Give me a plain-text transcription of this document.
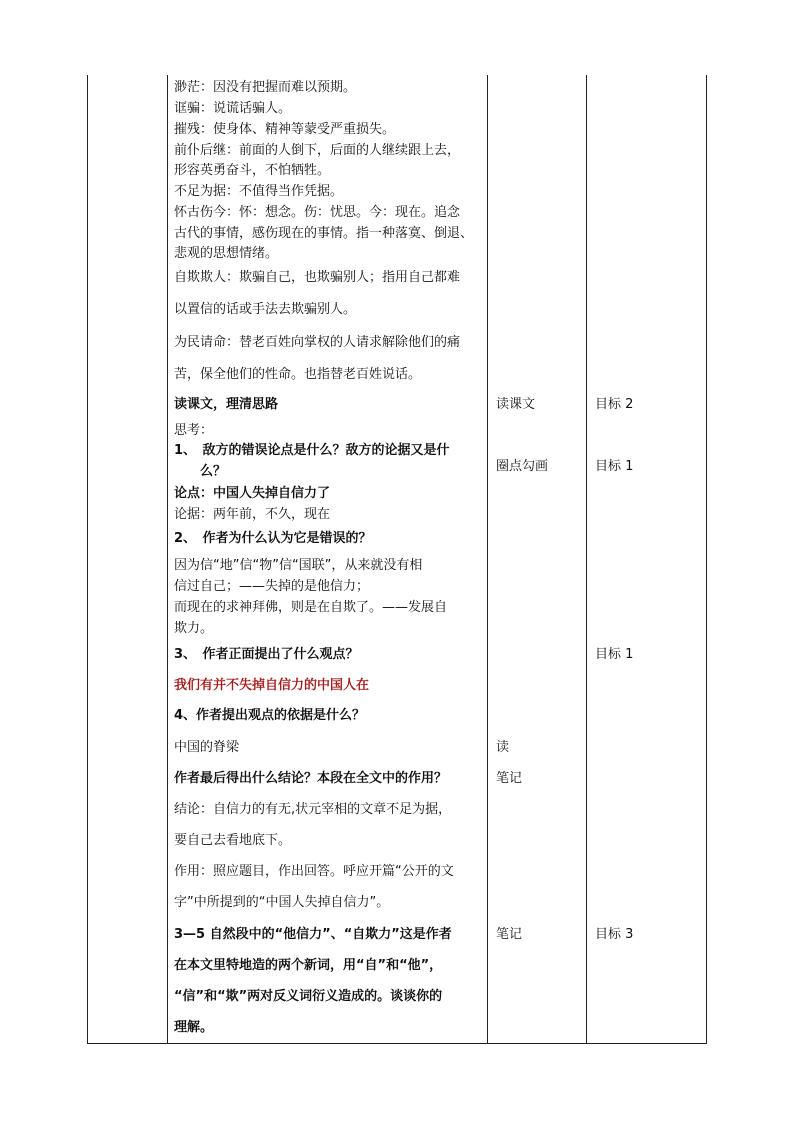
渺茫：因没有把握而难以预期。
诓骗：说谎话骗人。
摧残：使身体、精神等蒙受严重损失。
前仆后继：前面的人倒下，后面的人继续跟上去，
形容英勇奋斗，不怕牺牲。
不足为据：不值得当作凭据。
怀古伤今：怀：想念。伤：忧思。今：现在。追念
古代的事情，感伤现在的事情。指一种落寞、倒退、
悲观的思想情绪。
自欺欺人：欺骗自己，也欺骗别人；指用自己都难
以置信的话或手法去欺骗别人。
为民请命：替老百姓向掌权的人请求解除他们的痛
苦，保全他们的性命。也指替老百姓说话。
读课文，理清思路
思考：
1、　敌方的错误论点是什么？敌方的论据又是什
　　么？
论点：中国人失掉自信力了
论据：两年前，不久，现在
2、　作者为什么认为它是错误的？
因为信“地”信“物”信“国联”，从来就没有相
信过自己；——失掉的是他信力；
而现在的求神拜佛，则是在自欺了。——发展自
欺力。
3、　作者正面提出了什么观点？
我们有并不失掉自信力的中国人在
4、作者提出观点的依据是什么？
中国的脊梁
作者最后得出什么结论？本段在全文中的作用？
结论：自信力的有无,状元宰相的文章不足为据，
要自己去看地底下。
作用：照应题目，作出回答。呼应开篇“公开的文
字”中所提到的“中国人失掉自信力”。
3—5 自然段中的“他信力”、“自欺力”这是作者
在本文里特地造的两个新词，用“自”和“他”，
“信”和“欺”两对反义词衍义造成的。谈谈你的
理解。
读课文
圈点勾画
读
笔记
笔记
目标 2
目标 1
目标 1
目标 3
